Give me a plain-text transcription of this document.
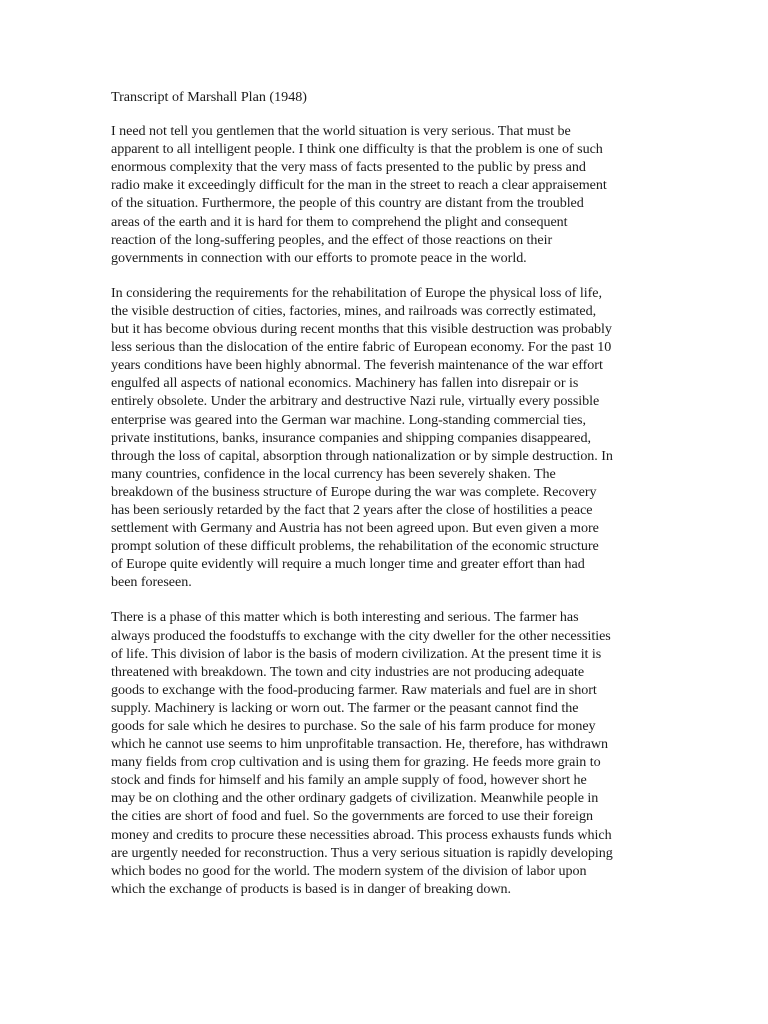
Transcript of Marshall Plan (1948)
I need not tell you gentlemen that the world situation is very serious. That must be
apparent to all intelligent people. I think one difficulty is that the problem is one of such
enormous complexity that the very mass of facts presented to the public by press and
radio make it exceedingly difficult for the man in the street to reach a clear appraisement
of the situation. Furthermore, the people of this country are distant from the troubled
areas of the earth and it is hard for them to comprehend the plight and consequent
reaction of the long-suffering peoples, and the effect of those reactions on their
governments in connection with our efforts to promote peace in the world.
In considering the requirements for the rehabilitation of Europe the physical loss of life,
the visible destruction of cities, factories, mines, and railroads was correctly estimated,
but it has become obvious during recent months that this visible destruction was probably
less serious than the dislocation of the entire fabric of European economy. For the past 10
years conditions have been highly abnormal. The feverish maintenance of the war effort
engulfed all aspects of national economics. Machinery has fallen into disrepair or is
entirely obsolete. Under the arbitrary and destructive Nazi rule, virtually every possible
enterprise was geared into the German war machine. Long-standing commercial ties,
private institutions, banks, insurance companies and shipping companies disappeared,
through the loss of capital, absorption through nationalization or by simple destruction. In
many countries, confidence in the local currency has been severely shaken. The
breakdown of the business structure of Europe during the war was complete. Recovery
has been seriously retarded by the fact that 2 years after the close of hostilities a peace
settlement with Germany and Austria has not been agreed upon. But even given a more
prompt solution of these difficult problems, the rehabilitation of the economic structure
of Europe quite evidently will require a much longer time and greater effort than had
been foreseen.
There is a phase of this matter which is both interesting and serious. The farmer has
always produced the foodstuffs to exchange with the city dweller for the other necessities
of life. This division of labor is the basis of modern civilization. At the present time it is
threatened with breakdown. The town and city industries are not producing adequate
goods to exchange with the food-producing farmer. Raw materials and fuel are in short
supply. Machinery is lacking or worn out. The farmer or the peasant cannot find the
goods for sale which he desires to purchase. So the sale of his farm produce for money
which he cannot use seems to him unprofitable transaction. He, therefore, has withdrawn
many fields from crop cultivation and is using them for grazing. He feeds more grain to
stock and finds for himself and his family an ample supply of food, however short he
may be on clothing and the other ordinary gadgets of civilization. Meanwhile people in
the cities are short of food and fuel. So the governments are forced to use their foreign
money and credits to procure these necessities abroad. This process exhausts funds which
are urgently needed for reconstruction. Thus a very serious situation is rapidly developing
which bodes no good for the world. The modern system of the division of labor upon
which the exchange of products is based is in danger of breaking down.
